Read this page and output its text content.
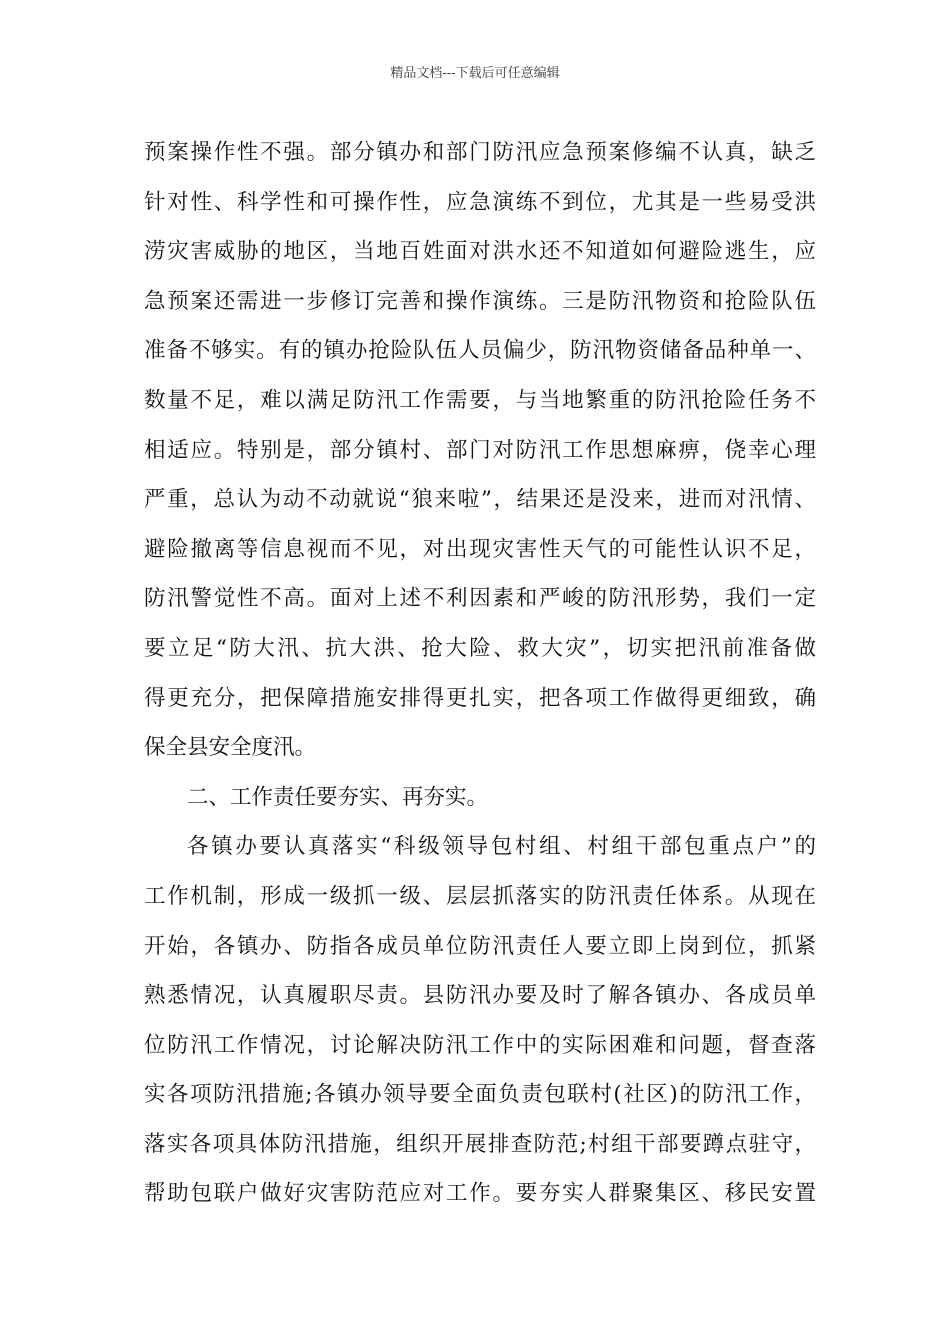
精品文档---下载后可任意编辑
预案操作性不强。部分镇办和部门防汛应急预案修编不认真，缺乏
针对性、科学性和可操作性，应急演练不到位，尤其是一些易受洪
涝灾害威胁的地区，当地百姓面对洪水还不知道如何避险逃生，应
急预案还需进一步修订完善和操作演练。三是防汛物资和抢险队伍
准备不够实。有的镇办抢险队伍人员偏少，防汛物资储备品种单一、
数量不足，难以满足防汛工作需要，与当地繁重的防汛抢险任务不
相适应。特别是，部分镇村、部门对防汛工作思想麻痹，侥幸心理
严重，总认为动不动就说“狼来啦”，结果还是没来，进而对汛情、
避险撤离等信息视而不见，对出现灾害性天气的可能性认识不足，
防汛警觉性不高。面对上述不利因素和严峻的防汛形势，我们一定
要立足“防大汛、抗大洪、抢大险、救大灾”，切实把汛前准备做
得更充分，把保障措施安排得更扎实，把各项工作做得更细致，确
保全县安全度汛。
二、工作责任要夯实、再夯实。
各镇办要认真落实“科级领导包村组、村组干部包重点户”的
工作机制，形成一级抓一级、层层抓落实的防汛责任体系。从现在
开始，各镇办、防指各成员单位防汛责任人要立即上岗到位，抓紧
熟悉情况，认真履职尽责。县防汛办要及时了解各镇办、各成员单
位防汛工作情况，讨论解决防汛工作中的实际困难和问题，督查落
实各项防汛措施;各镇办领导要全面负责包联村(社区)的防汛工作，
落实各项具体防汛措施，组织开展排查防范;村组干部要蹲点驻守，
帮助包联户做好灾害防范应对工作。要夯实人群聚集区、移民安置
